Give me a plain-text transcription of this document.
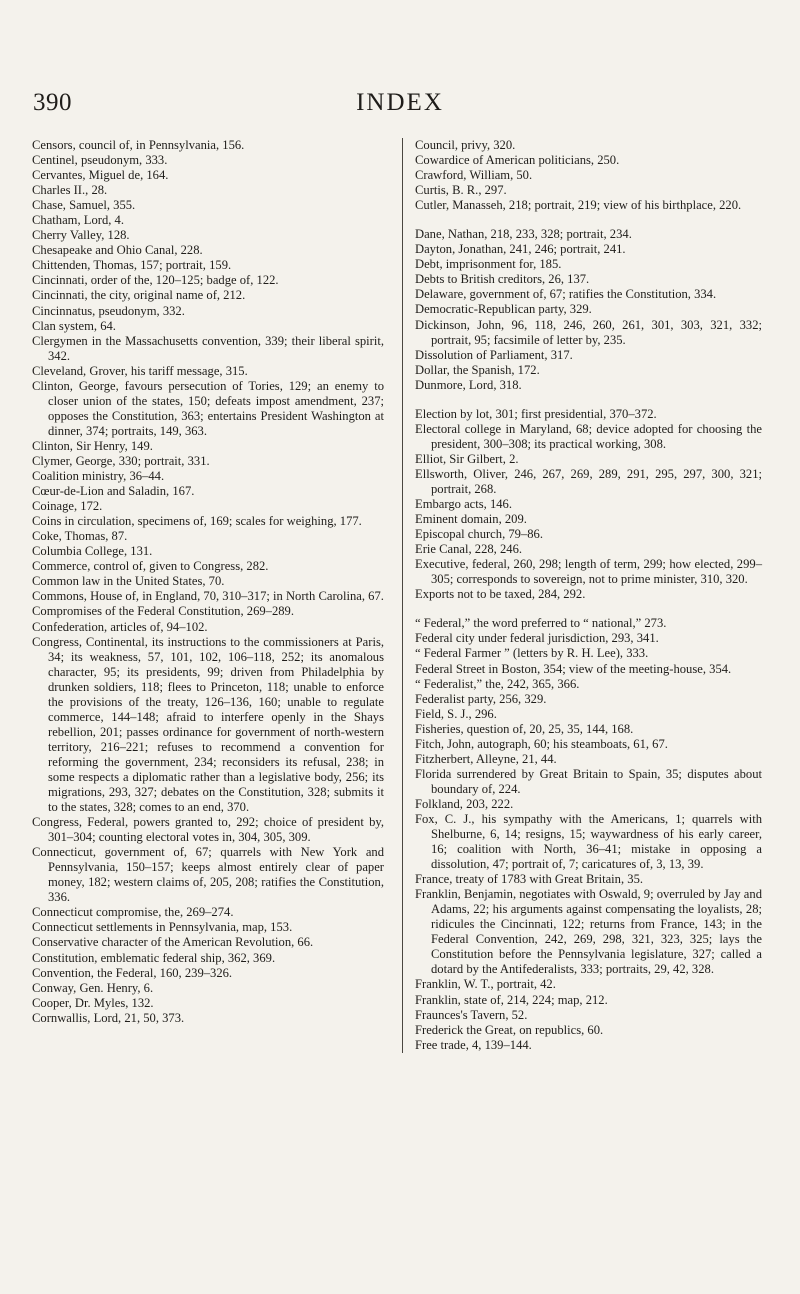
390	INDEX

Censors, council of, in Pennsylvania, 156.

Centinel, pseudonym, 333.

Cervantes, Miguel de, 164.

Charles II., 28.

Chase, Samuel, 355.

Chatham, Lord, 4.

Cherry Valley, 128.

Chesapeake and Ohio Canal, 228.

Chittenden, Thomas, 157; portrait, 159.

Cincinnati, order of the, 120–125; badge of, 122.

Cincinnati, the city, original name of, 212.

Cincinnatus, pseudonym, 332.

Clan system, 64.

Clergymen in the Massachusetts convention, 339; their liberal spirit, 342.

Cleveland, Grover, his tariff message, 315.

Clinton, George, favours persecution of Tories, 129; an enemy to closer union of the states, 150; defeats impost amendment, 237; opposes the Constitution, 363; entertains President Washington at dinner, 374; portraits, 149, 363.

Clinton, Sir Henry, 149.

Clymer, George, 330; portrait, 331.

Coalition ministry, 36–44.

Cœur-de-Lion and Saladin, 167.

Coinage, 172.

Coins in circulation, specimens of, 169; scales for weighing, 177.

Coke, Thomas, 87.

Columbia College, 131.

Commerce, control of, given to Congress, 282.

Common law in the United States, 70.

Commons, House of, in England, 70, 310–317; in North Carolina, 67.

Compromises of the Federal Constitution, 269–289.

Confederation, articles of, 94–102.

Congress, Continental, its instructions to the commissioners at Paris, 34; its weakness, 57, 101, 102, 106–118, 252; its anomalous character, 95; its presidents, 99; driven from Philadelphia by drunken soldiers, 118; flees to Princeton, 118; unable to enforce the provisions of the treaty, 126–136, 160; unable to regulate commerce, 144–148; afraid to interfere openly in the Shays rebellion, 201; passes ordinance for government of north-western territory, 216–221; refuses to recommend a convention for reforming the government, 234; reconsiders its refusal, 238; in some respects a diplomatic rather than a legislative body, 256; its migrations, 293, 327; debates on the Constitution, 328; submits it to the states, 328; comes to an end, 370.

Congress, Federal, powers granted to, 292; choice of president by, 301–304; counting electoral votes in, 304, 305, 309.

Connecticut, government of, 67; quarrels with New York and Pennsylvania, 150–157; keeps almost entirely clear of paper money, 182; western claims of, 205, 208; ratifies the Constitution, 336.

Connecticut compromise, the, 269–274.

Connecticut settlements in Pennsylvania, map, 153.

Conservative character of the American Revolution, 66.

Constitution, emblematic federal ship, 362, 369.

Convention, the Federal, 160, 239–326.

Conway, Gen. Henry, 6.

Cooper, Dr. Myles, 132.

Cornwallis, Lord, 21, 50, 373.

Council, privy, 320.

Cowardice of American politicians, 250.

Crawford, William, 50.

Curtis, B. R., 297.

Cutler, Manasseh, 218; portrait, 219; view of his birthplace, 220.

Dane, Nathan, 218, 233, 328; portrait, 234.

Dayton, Jonathan, 241, 246; portrait, 241.

Debt, imprisonment for, 185.

Debts to British creditors, 26, 137.

Delaware, government of, 67; ratifies the Constitution, 334.

Democratic-Republican party, 329.

Dickinson, John, 96, 118, 246, 260, 261, 301, 303, 321, 332; portrait, 95; facsimile of letter by, 235.

Dissolution of Parliament, 317.

Dollar, the Spanish, 172.

Dunmore, Lord, 318.

Election by lot, 301; first presidential, 370–372.

Electoral college in Maryland, 68; device adopted for choosing the president, 300–308; its practical working, 308.

Elliot, Sir Gilbert, 2.

Ellsworth, Oliver, 246, 267, 269, 289, 291, 295, 297, 300, 321; portrait, 268.

Embargo acts, 146.

Eminent domain, 209.

Episcopal church, 79–86.

Erie Canal, 228, 246.

Executive, federal, 260, 298; length of term, 299; how elected, 299–305; corresponds to sovereign, not to prime minister, 310, 320.

Exports not to be taxed, 284, 292.

“ Federal,” the word preferred to “ national,” 273.

Federal city under federal jurisdiction, 293, 341.

“ Federal Farmer ” (letters by R. H. Lee), 333.

Federal Street in Boston, 354; view of the meeting-house, 354.

“ Federalist,” the, 242, 365, 366.

Federalist party, 256, 329.

Field, S. J., 296.

Fisheries, question of, 20, 25, 35, 144, 168.

Fitch, John, autograph, 60; his steamboats, 61, 67.

Fitzherbert, Alleyne, 21, 44.

Florida surrendered by Great Britain to Spain, 35; disputes about boundary of, 224.

Folkland, 203, 222.

Fox, C. J., his sympathy with the Americans, 1; quarrels with Shelburne, 6, 14; resigns, 15; waywardness of his early career, 16; coalition with North, 36–41; mistake in opposing a dissolution, 47; portrait of, 7; caricatures of, 3, 13, 39.

France, treaty of 1783 with Great Britain, 35.

Franklin, Benjamin, negotiates with Oswald, 9; overruled by Jay and Adams, 22; his arguments against compensating the loyalists, 28; ridicules the Cincinnati, 122; returns from France, 143; in the Federal Convention, 242, 269, 298, 321, 323, 325; lays the Constitution before the Pennsylvania legislature, 327; called a dotard by the Antifederalists, 333; portraits, 29, 42, 328.

Franklin, W. T., portrait, 42.

Franklin, state of, 214, 224; map, 212.

Fraunces's Tavern, 52.

Frederick the Great, on republics, 60.

Free trade, 4, 139–144.
